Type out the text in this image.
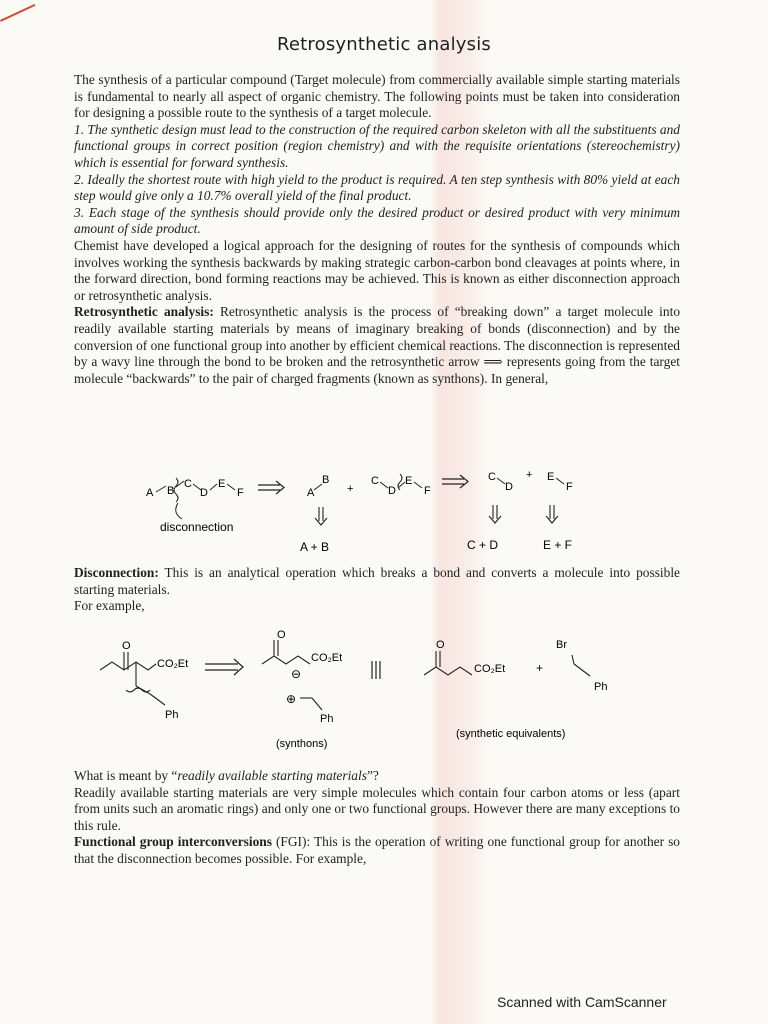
Retrosynthetic analysis

The synthesis of a particular compound (Target molecule) from commercially available simple starting materials is fundamental to nearly all aspect of organic chemistry. The following points must be taken into consideration for designing a possible route to the synthesis of a target molecule.

1. The synthetic design must lead to the construction of the required carbon skeleton with all the substituents and functional groups in correct position (region chemistry) and with the requisite orientations (stereochemistry) which is essential for forward synthesis.

2. Ideally the shortest route with high yield to the product is required. A ten step synthesis with 80% yield at each step would give only a 10.7% overall yield of the final product.

3. Each stage of the synthesis should provide only the desired product or desired product with very minimum amount of side product.

Chemist have developed a logical approach for the designing of routes for the synthesis of compounds which involves working the synthesis backwards by making strategic carbon-carbon bond cleavages at points where, in the forward direction, bond forming reactions may be achieved. This is known as either disconnection approach or retrosynthetic analysis.

Retrosynthetic analysis: Retrosynthetic analysis is the process of “breaking down” a target molecule into readily available starting materials by means of imaginary breaking of bonds (disconnection) and by the conversion of one functional group into another by efficient chemical reactions. The disconnection is represented by a wavy line through the bond to be broken and the retrosynthetic arrow ⟹ represents going from the target molecule “backwards” to the pair of charged fragments (known as synthons). In general,

A B
C
D
E
F
disconnection
A
B
+
C
D
E
F
C
D
+ E
F
A + B	C + D	E + F
O
CO₂Et
Ph
O
CO₂Et
⊖
⊕
Ph
(synthons)
O
CO₂Et	+
Br
Ph
(synthetic equivalents)

Disconnection: This is an analytical operation which breaks a bond and converts a molecule into possible starting materials.

For example,

What is meant by “readily available starting materials”?

Readily available starting materials are very simple molecules which contain four carbon atoms or less (apart from units such an aromatic rings) and only one or two functional groups. However there are many exceptions to this rule.

Functional group interconversions (FGI): This is the operation of writing one functional group for another so that the disconnection becomes possible. For example,

Scanned with CamScanner
